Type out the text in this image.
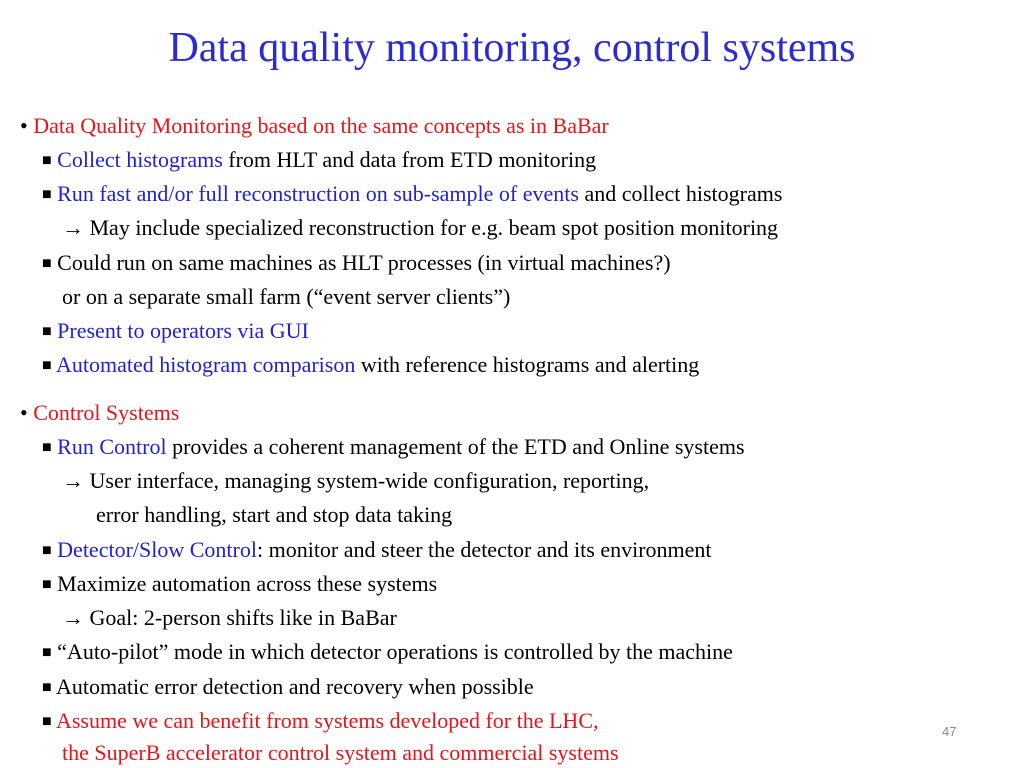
Data quality monitoring, control systems
• Data Quality Monitoring based on the same concepts as in BaBar
■ Collect histograms from HLT and data from ETD monitoring
■ Run fast and/or full reconstruction on sub-sample of events and collect histograms
→ May include specialized reconstruction for e.g. beam spot position monitoring
■ Could run on same machines as HLT processes (in virtual machines?)
or on a separate small farm (“event server clients”)
■ Present to operators via GUI
■ Automated histogram comparison with reference histograms and alerting
• Control Systems
■ Run Control provides a coherent management of the ETD and Online systems
→ User interface, managing system-wide configuration, reporting,
error handling, start and stop data taking
■ Detector/Slow Control: monitor and steer the detector and its environment
■ Maximize automation across these systems
→ Goal: 2-person shifts like in BaBar
■ “Auto-pilot” mode in which detector operations is controlled by the machine
■ Automatic error detection and recovery when possible
■ Assume we can benefit from systems developed for the LHC,
the SuperB accelerator control system and commercial systems
47
